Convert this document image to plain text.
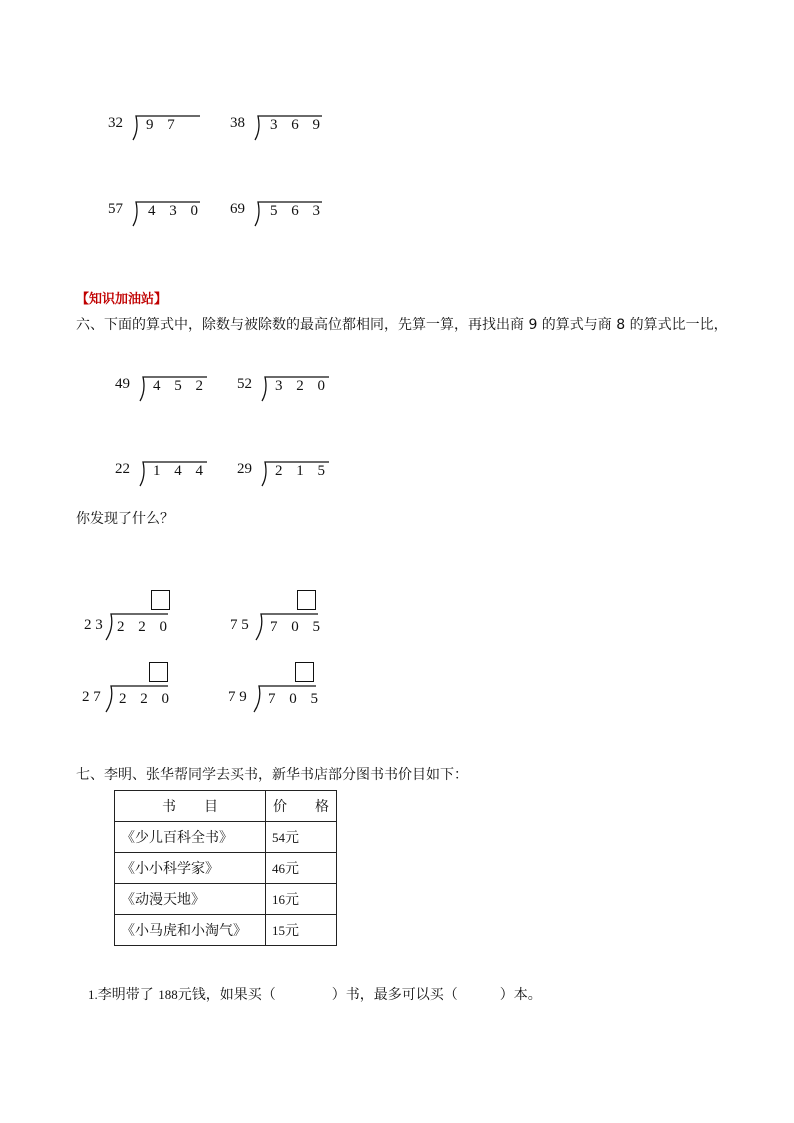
32 9 7	38 3 6 9
57 4 3 0 69 5 6 3
【知识加油站】
六、下面的算式中，除数与被除数的最高位都相同，先算一算，再找出商 9 的算式与商 8 的算式比一比，
49 4 5 2 52 3 2 0
22 1 4 4 29 2 1 5
你发现了什么？
2 3 2 2 0	7 5 7 0 5
2 7 2 2 0	7 9 7 0 5
七、李明、张华帮同学去买书，新华书店部分图书书价目如下：
书　　目	价　　格
《少儿百科全书》	54元
《小小科学家》	46元
《动漫天地》	16元
《小马虎和小淘气》	15元
1.李明带了 188元钱，如果买（　　　　）书，最多可以买（　　　）本。
